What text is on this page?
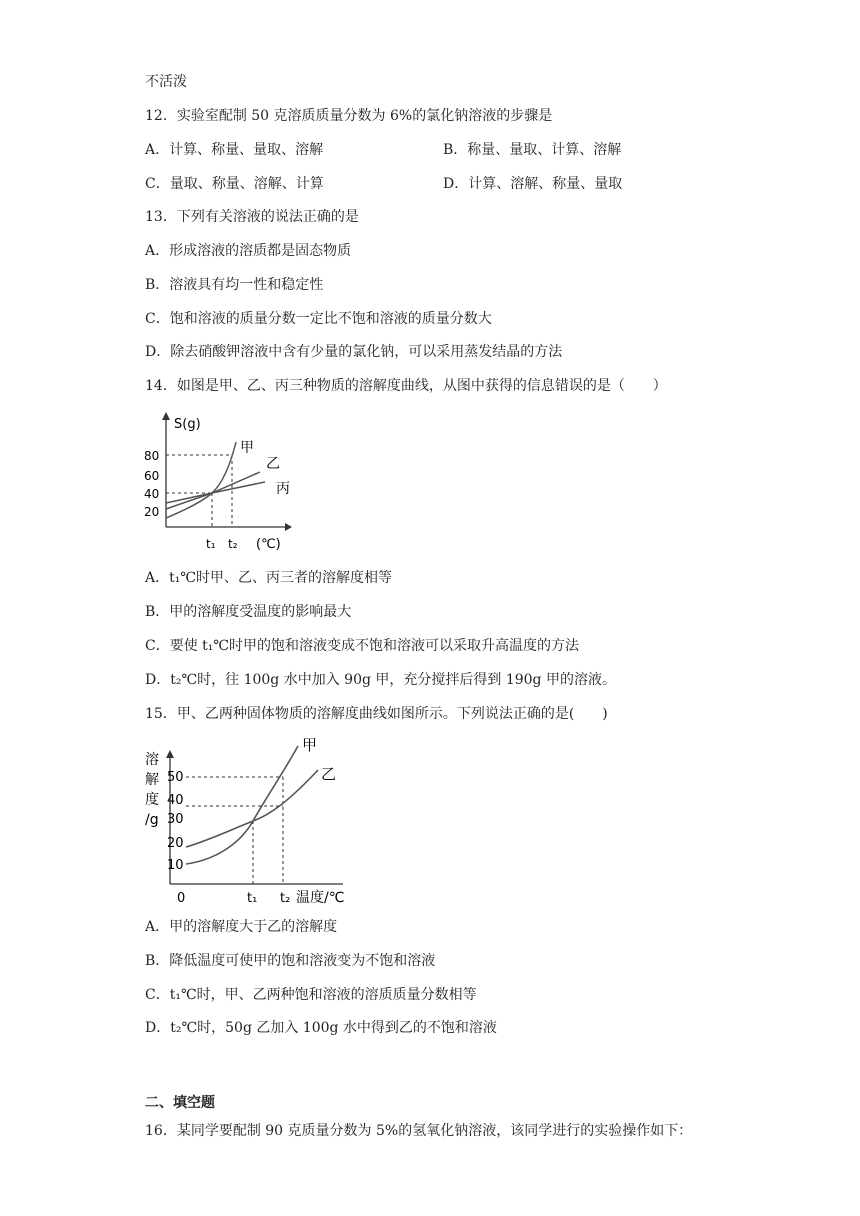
不活泼
12．实验室配制 50 克溶质质量分数为 6%的氯化钠溶液的步骤是
A．计算、称量、量取、溶解	B．称量、量取、计算、溶解
C．量取、称量、溶解、计算	D．计算、溶解、称量、量取
13．下列有关溶液的说法正确的是
A．形成溶液的溶质都是固态物质
B．溶液具有均一性和稳定性
C．饱和溶液的质量分数一定比不饱和溶液的质量分数大
D．除去硝酸钾溶液中含有少量的氯化钠，可以采用蒸发结晶的方法
14．如图是甲、乙、丙三种物质的溶解度曲线，从图中获得的信息错误的是（　　）
S(g)
80
60
40
20
甲
乙
丙
t₁ t₂ (℃)
A．t₁℃时甲、乙、丙三者的溶解度相等
B．甲的溶解度受温度的影响最大
C．要使 t₁℃时甲的饱和溶液变成不饱和溶液可以采取升高温度的方法
D．t₂℃时，往 100g 水中加入 90g 甲，充分搅拌后得到 190g 甲的溶液。
15．甲、乙两种固体物质的溶解度曲线如图所示。下列说法正确的是(　　)
溶
解
度
/g
50
40
30
20
10
甲
乙
0	t₁ t₂ 温度/℃
A．甲的溶解度大于乙的溶解度
B．降低温度可使甲的饱和溶液变为不饱和溶液
C．t₁℃时，甲、乙两种饱和溶液的溶质质量分数相等
D．t₂℃时，50g 乙加入 100g 水中得到乙的不饱和溶液
二、填空题
16．某同学要配制 90 克质量分数为 5%的氢氧化钠溶液，该同学进行的实验操作如下：
